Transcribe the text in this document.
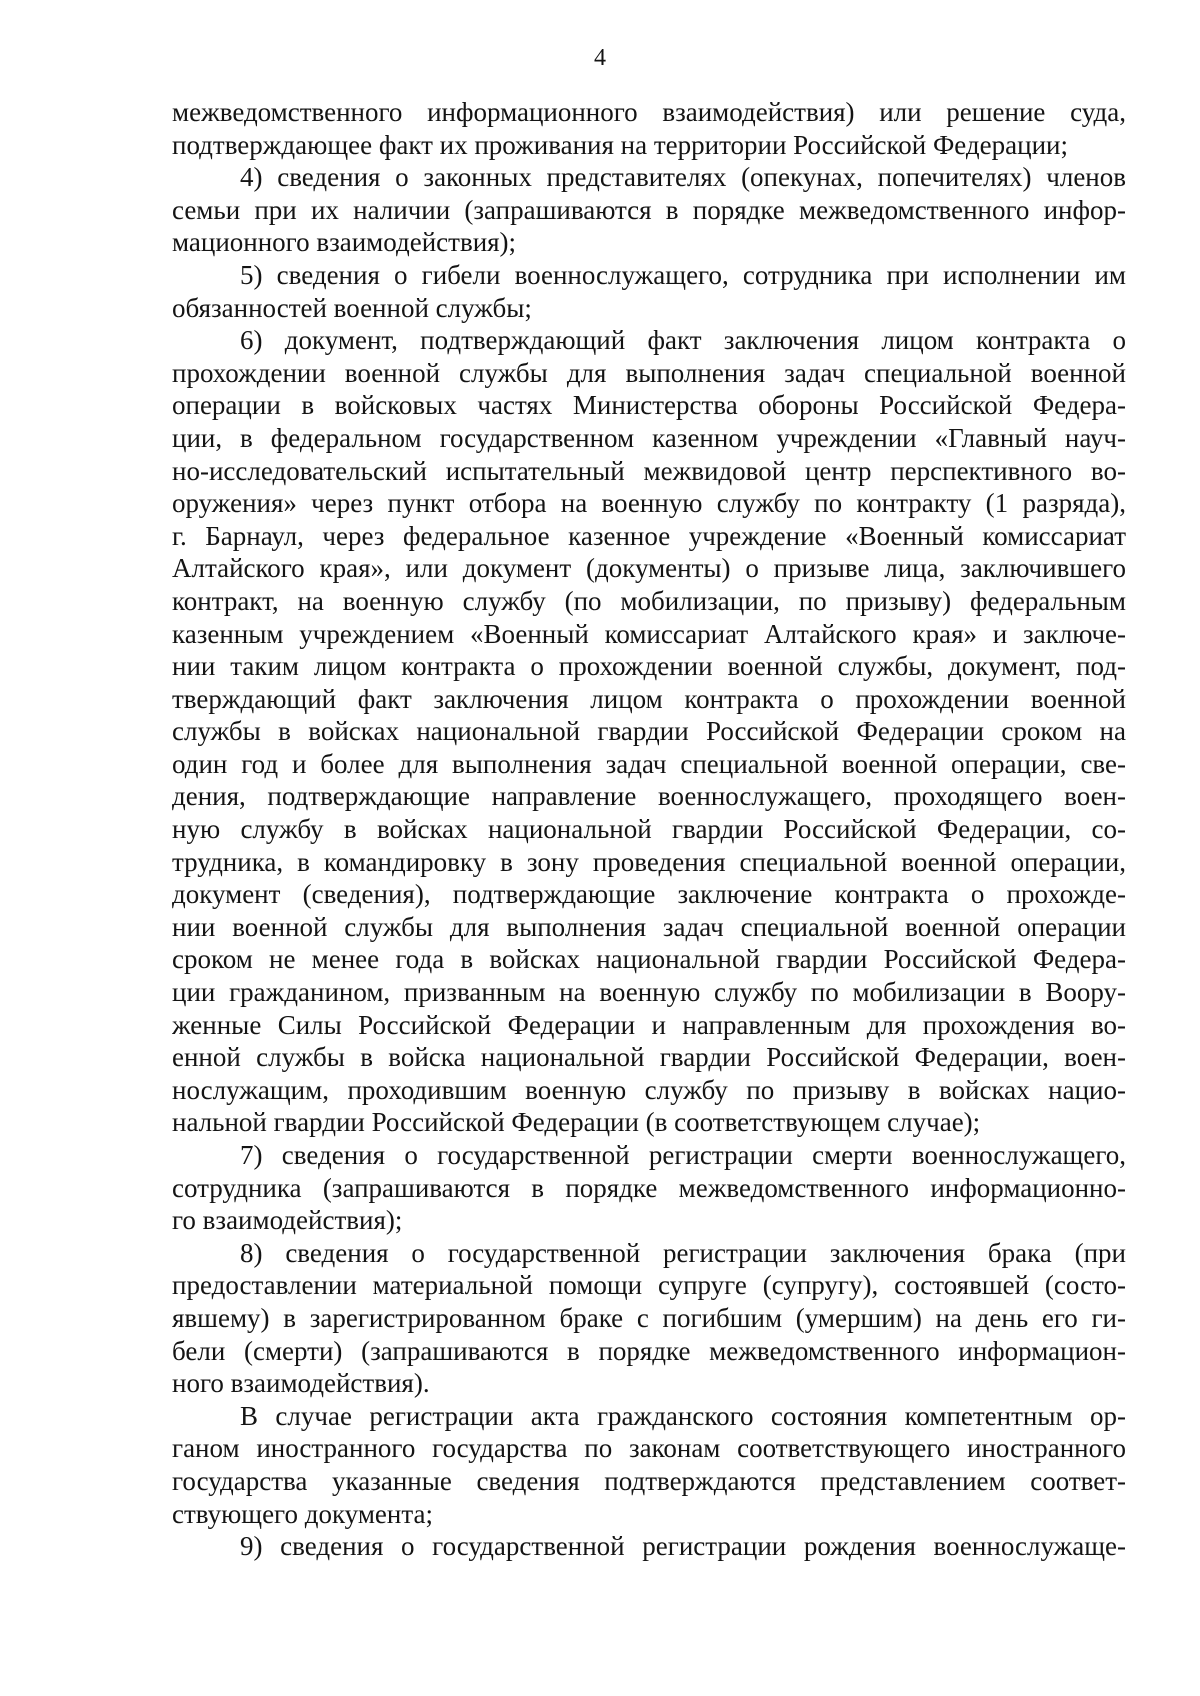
4
межведомственного информационного взаимодействия) или решение суда,
подтверждающее факт их проживания на территории Российской Федерации;
4) сведения о законных представителях (опекунах, попечителях) членов
семьи при их наличии (запрашиваются в порядке межведомственного инфор-
мационного взаимодействия);
5) сведения о гибели военнослужащего, сотрудника при исполнении им
обязанностей военной службы;
6) документ, подтверждающий факт заключения лицом контракта о
прохождении военной службы для выполнения задач специальной военной
операции в войсковых частях Министерства обороны Российской Федера-
ции, в федеральном государственном казенном учреждении «Главный науч-
но-исследовательский испытательный межвидовой центр перспективного во-
оружения» через пункт отбора на военную службу по контракту (1 разряда),
г. Барнаул, через федеральное казенное учреждение «Военный комиссариат
Алтайского края», или документ (документы) о призыве лица, заключившего
контракт, на военную службу (по мобилизации, по призыву) федеральным
казенным учреждением «Военный комиссариат Алтайского края» и заключе-
нии таким лицом контракта о прохождении военной службы, документ, под-
тверждающий факт заключения лицом контракта о прохождении военной
службы в войсках национальной гвардии Российской Федерации сроком на
один год и более для выполнения задач специальной военной операции, све-
дения, подтверждающие направление военнослужащего, проходящего воен-
ную службу в войсках национальной гвардии Российской Федерации, со-
трудника, в командировку в зону проведения специальной военной операции,
документ (сведения), подтверждающие заключение контракта о прохожде-
нии военной службы для выполнения задач специальной военной операции
сроком не менее года в войсках национальной гвардии Российской Федера-
ции гражданином, призванным на военную службу по мобилизации в Воору-
женные Силы Российской Федерации и направленным для прохождения во-
енной службы в войска национальной гвардии Российской Федерации, воен-
нослужащим, проходившим военную службу по призыву в войсках нацио-
нальной гвардии Российской Федерации (в соответствующем случае);
7) сведения о государственной регистрации смерти военнослужащего,
сотрудника (запрашиваются в порядке межведомственного информационно-
го взаимодействия);
8) сведения о государственной регистрации заключения брака (при
предоставлении материальной помощи супруге (супругу), состоявшей (состо-
явшему) в зарегистрированном браке с погибшим (умершим) на день его ги-
бели (смерти) (запрашиваются в порядке межведомственного информацион-
ного взаимодействия).
В случае регистрации акта гражданского состояния компетентным ор-
ганом иностранного государства по законам соответствующего иностранного
государства указанные сведения подтверждаются представлением соответ-
ствующего документа;
9) сведения о государственной регистрации рождения военнослужаще-
